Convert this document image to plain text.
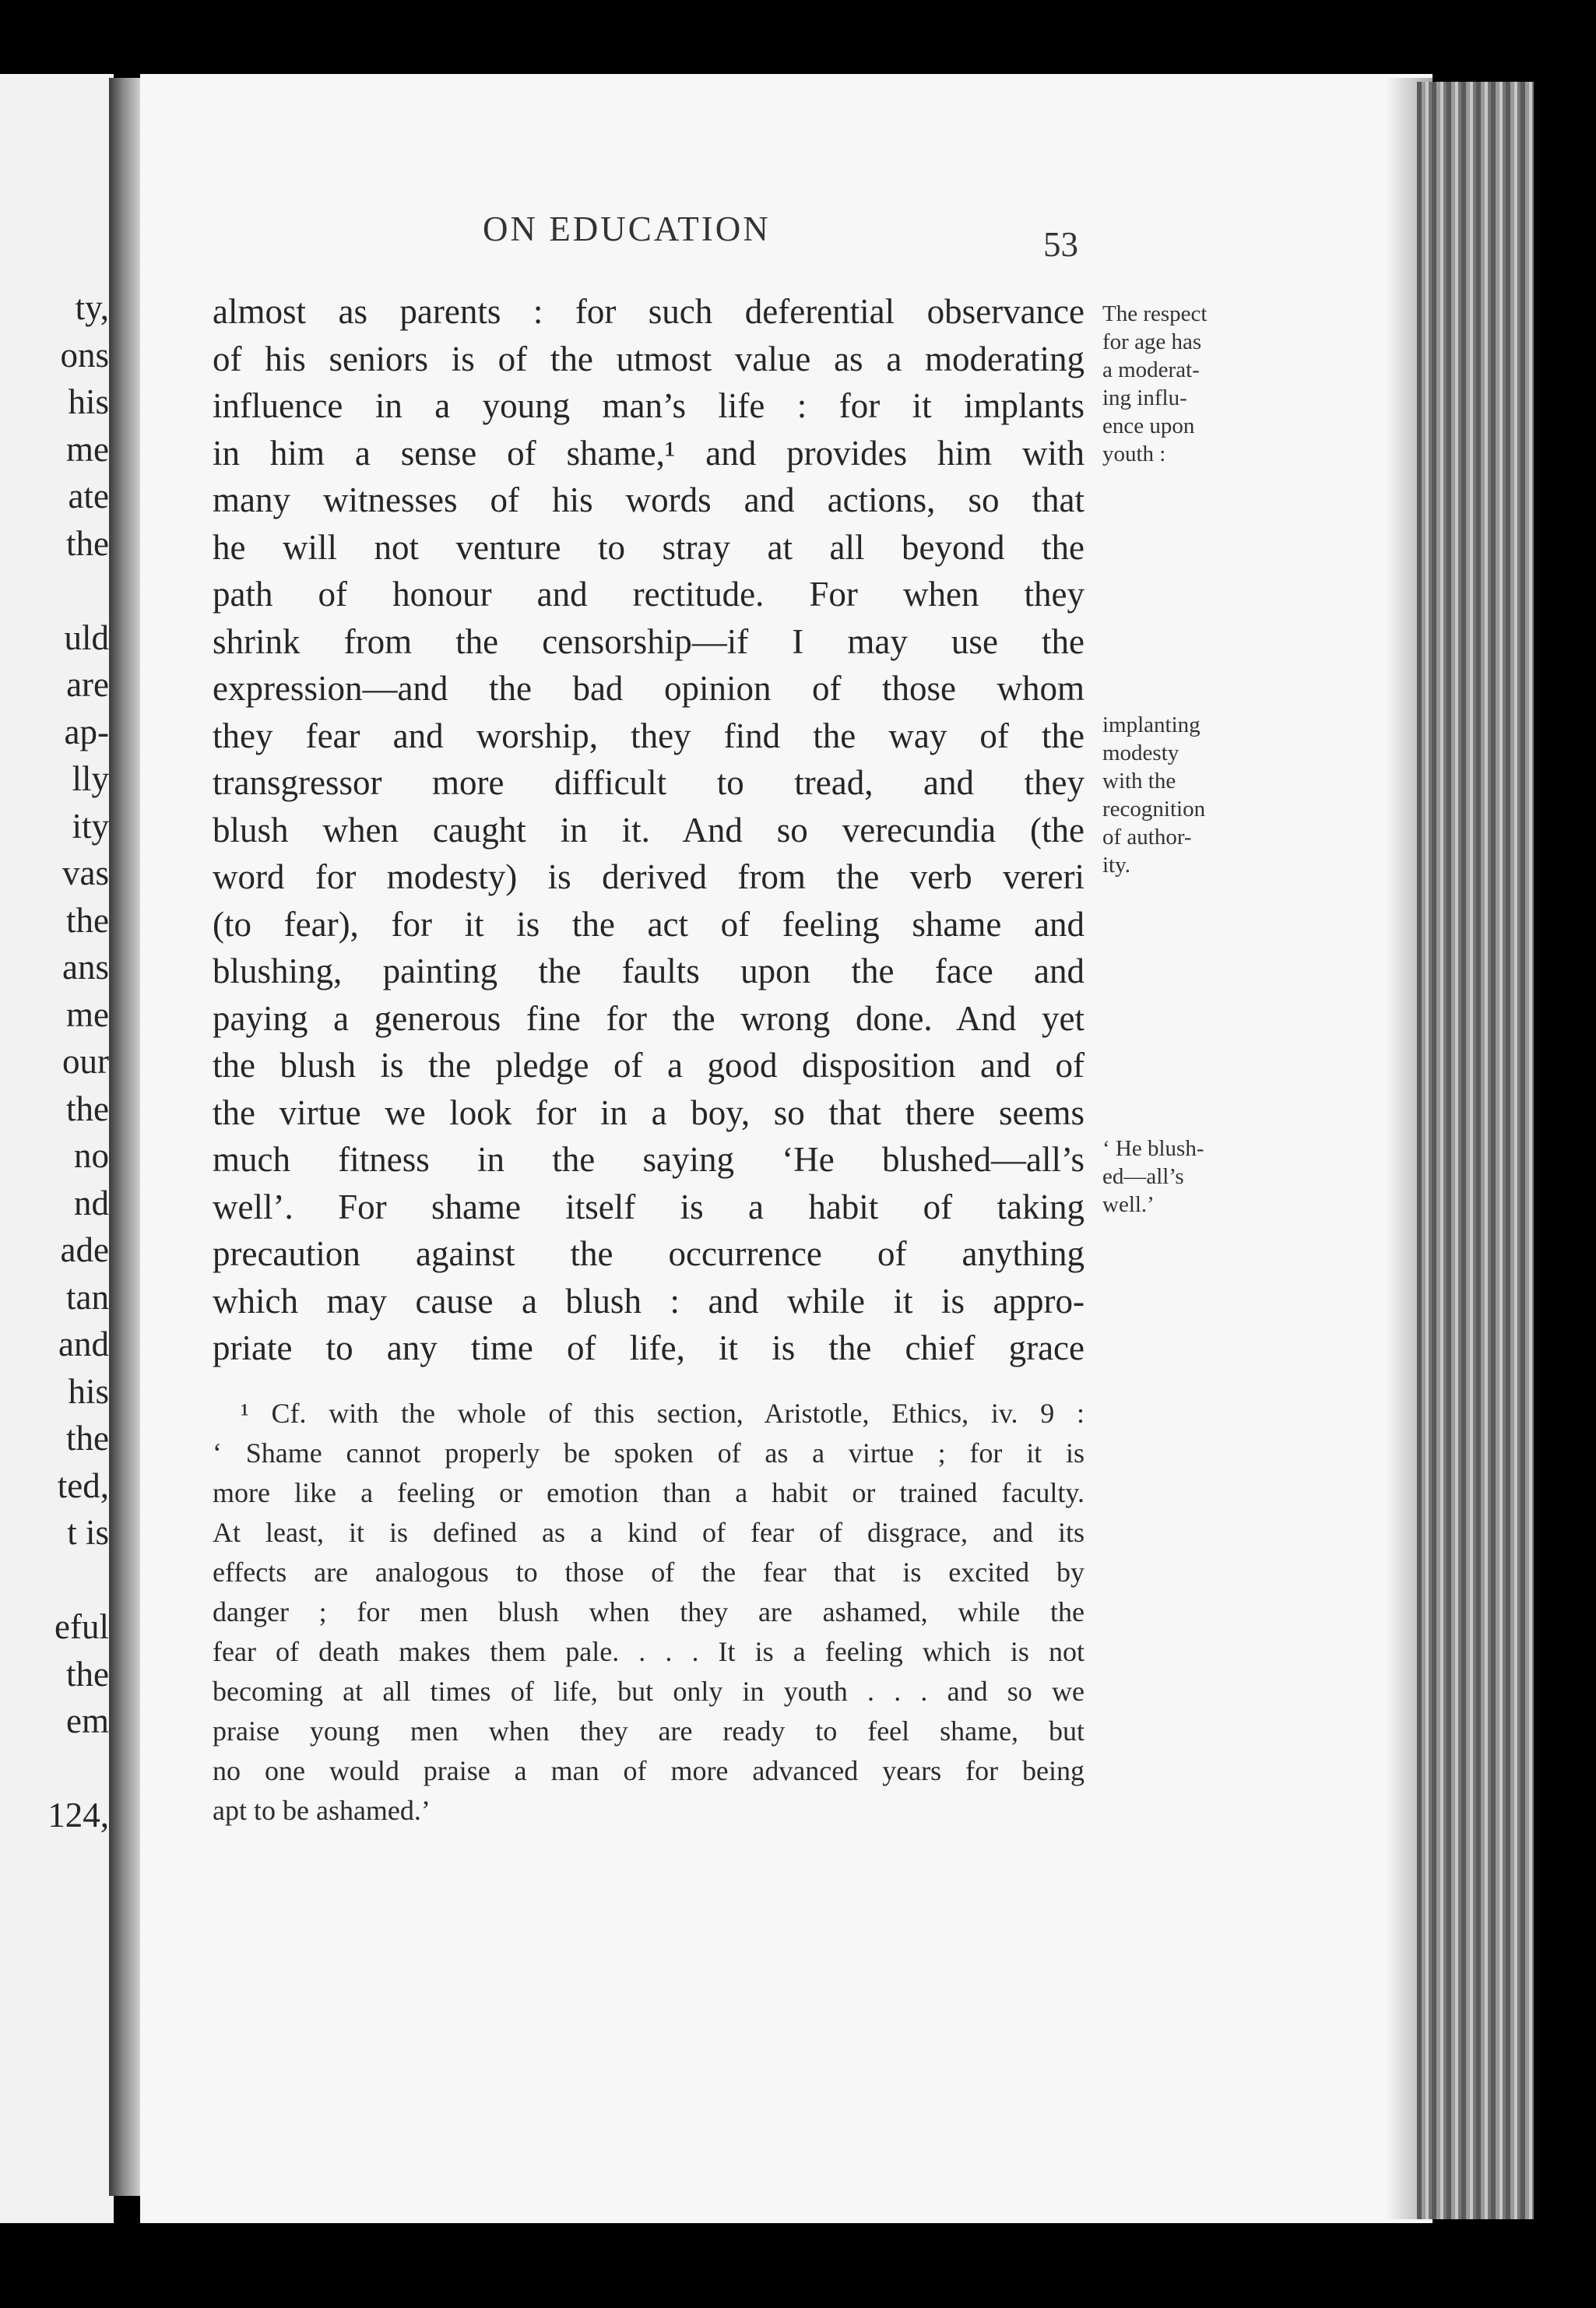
ty,
ons
his
me
ate
the
uld
are
ap-
lly
ity
vas
the
ans
me
our
the
no
nd
ade
tan
and
his
the
ted,
t is
eful
the
em
124,
ON EDUCATION	53
almost as parents : for such deferential observance
of his seniors is of the utmost value as a moderating
influence in a young man’s life : for it implants
in him a sense of shame,¹ and provides him with
many witnesses of his words and actions, so that
he will not venture to stray at all beyond the
path of honour and rectitude. For when they
shrink from the censorship—if I may use the
expression—and the bad opinion of those whom
they fear and worship, they find the way of the
transgressor more difficult to tread, and they
blush when caught in it. And so verecundia (the
word for modesty) is derived from the verb vereri
(to fear), for it is the act of feeling shame and
blushing, painting the faults upon the face and
paying a generous fine for the wrong done. And yet
the blush is the pledge of a good disposition and of
the virtue we look for in a boy, so that there seems
much fitness in the saying ‘He blushed—all’s
well’. For shame itself is a habit of taking
precaution against the occurrence of anything
which may cause a blush : and while it is appro-
priate to any time of life, it is the chief grace
The respect
for age has
a moderat-
ing influ-
ence upon
youth :
implanting
modesty
with the
recognition
of author-
ity.
‘ He blush-
ed—all’s
well.’
¹ Cf. with the whole of this section, Aristotle, Ethics, iv. 9 :
‘ Shame cannot properly be spoken of as a virtue ; for it is
more like a feeling or emotion than a habit or trained faculty.
At least, it is defined as a kind of fear of disgrace, and its
effects are analogous to those of the fear that is excited by
danger ; for men blush when they are ashamed, while the
fear of death makes them pale. . . . It is a feeling which is not
becoming at all times of life, but only in youth . . . and so we
praise young men when they are ready to feel shame, but
no one would praise a man of more advanced years for being
apt to be ashamed.’
